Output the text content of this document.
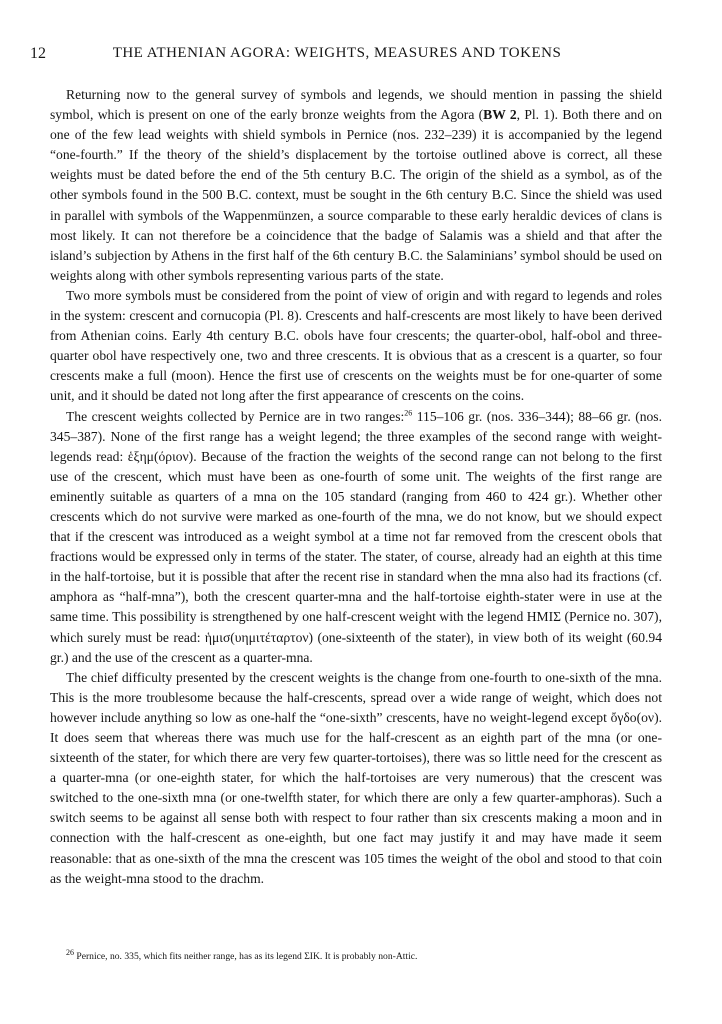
12	THE ATHENIAN AGORA: WEIGHTS, MEASURES AND TOKENS

Returning now to the general survey of symbols and legends, we should mention in passing the shield symbol, which is present on one of the early bronze weights from the Agora (BW 2, Pl. 1). Both there and on one of the few lead weights with shield symbols in Pernice (nos. 232–239) it is accompanied by the legend “one-fourth.” If the theory of the shield’s displacement by the tortoise outlined above is correct, all these weights must be dated before the end of the 5th century B.C. The origin of the shield as a symbol, as of the other symbols found in the 500 B.C. context, must be sought in the 6th century B.C. Since the shield was used in parallel with symbols of the Wappenmünzen, a source comparable to these early heraldic devices of clans is most likely. It can not therefore be a coincidence that the badge of Salamis was a shield and that after the island’s subjection by Athens in the first half of the 6th century B.C. the Salaminians’ symbol should be used on weights along with other symbols representing various parts of the state.

Two more symbols must be considered from the point of view of origin and with regard to legends and roles in the system: crescent and cornucopia (Pl. 8). Crescents and half-crescents are most likely to have been derived from Athenian coins. Early 4th century B.C. obols have four crescents; the quarter-obol, half-obol and three-quarter obol have respectively one, two and three crescents. It is obvious that as a crescent is a quarter, so four crescents make a full (moon). Hence the first use of crescents on the weights must be for one-quarter of some unit, and it should be dated not long after the first appearance of crescents on the coins.

The crescent weights collected by Pernice are in two ranges:$^{26}$ 115–106 gr. (nos. 336–344); 88–66 gr. (nos. 345–387). None of the first range has a weight legend; the three examples of the second range with weight-legends read: ἑξημ(όριον). Because of the fraction the weights of the second range can not belong to the first use of the crescent, which must have been as one-fourth of some unit. The weights of the first range are eminently suitable as quarters of a mna on the 105 standard (ranging from 460 to 424 gr.). Whether other crescents which do not survive were marked as one-fourth of the mna, we do not know, but we should expect that if the crescent was introduced as a weight symbol at a time not far removed from the crescent obols that fractions would be expressed only in terms of the stater. The stater, of course, already had an eighth at this time in the half-tortoise, but it is possible that after the recent rise in standard when the mna also had its fractions (cf. amphora as “half-mna”), both the crescent quarter-mna and the half-tortoise eighth-stater were in use at the same time. This possibility is strengthened by one half-crescent weight with the legend HMIΣ (Pernice no. 307), which surely must be read: ἡμισ(υημιτέταρτον) (one-sixteenth of the stater), in view both of its weight (60.94 gr.) and the use of the crescent as a quarter-mna.

The chief difficulty presented by the crescent weights is the change from one-fourth to one-sixth of the mna. This is the more troublesome because the half-crescents, spread over a wide range of weight, which does not however include anything so low as one-half the “one-sixth” crescents, have no weight-legend except ὄγδο(ον). It does seem that whereas there was much use for the half-crescent as an eighth part of the mna (or one-sixteenth of the stater, for which there are very few quarter-tortoises), there was so little need for the crescent as a quarter-mna (or one-eighth stater, for which the half-tortoises are very numerous) that the crescent was switched to the one-sixth mna (or one-twelfth stater, for which there are only a few quarter-amphoras). Such a switch seems to be against all sense both with respect to four rather than six crescents making a moon and in connection with the half-crescent as one-eighth, but one fact may justify it and may have made it seem reasonable: that as one-sixth of the mna the crescent was 105 times the weight of the obol and stood to that coin as the weight-mna stood to the drachm.

$^{26}$ Pernice, no. 335, which fits neither range, has as its legend ΣIK. It is probably non-Attic.
